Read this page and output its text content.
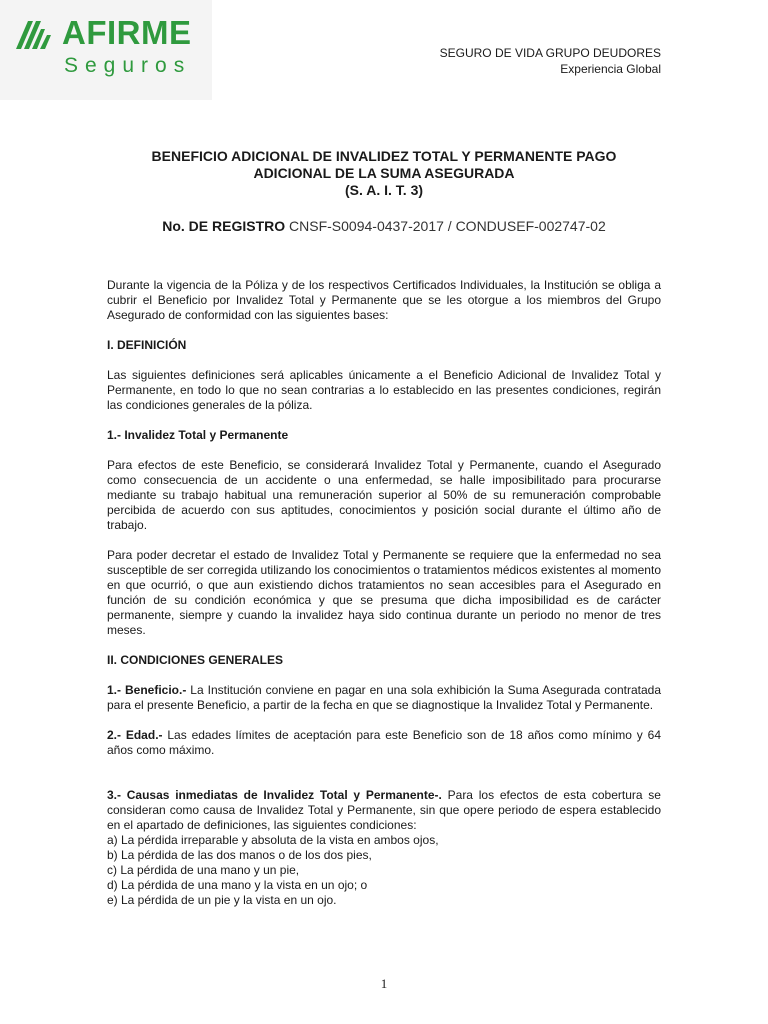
AFIRME
Seguros
SEGURO DE VIDA GRUPO DEUDORES
Experiencia Global
BENEFICIO ADICIONAL DE INVALIDEZ TOTAL Y PERMANENTE PAGO
ADICIONAL DE LA SUMA ASEGURADA
(S. A. I. T. 3)
No. DE REGISTRO CNSF-S0094-0437-2017 / CONDUSEF-002747-02

Durante la vigencia de la Póliza y de los respectivos Certificados Individuales, la Institución se obliga a cubrir el Beneficio por Invalidez Total y Permanente que se les otorgue a los miembros del Grupo Asegurado de conformidad con las siguientes bases:

I. DEFINICIÓN

Las siguientes definiciones será aplicables únicamente a el Beneficio Adicional de Invalidez Total y Permanente, en todo lo que no sean contrarias a lo establecido en las presentes condiciones, regirán las condiciones generales de la póliza.

1.- Invalidez Total y Permanente

Para efectos de este Beneficio, se considerará Invalidez Total y Permanente, cuando el Asegurado como consecuencia de un accidente o una enfermedad, se halle imposibilitado para procurarse mediante su trabajo habitual una remuneración superior al 50% de su remuneración comprobable percibida de acuerdo con sus aptitudes, conocimientos y posición social durante el último año de trabajo.

Para poder decretar el estado de Invalidez Total y Permanente se requiere que la enfermedad no sea susceptible de ser corregida utilizando los conocimientos o tratamientos médicos existentes al momento en que ocurrió, o que aun existiendo dichos tratamientos no sean accesibles para el Asegurado en función de su condición económica y que se presuma que dicha imposibilidad es de carácter permanente, siempre y cuando la invalidez haya sido continua durante un periodo no menor de tres meses.

II. CONDICIONES GENERALES

1.- Beneficio.- La Institución conviene en pagar en una sola exhibición la Suma Asegurada contratada para el presente Beneficio, a partir de la fecha en que se diagnostique la Invalidez Total y Permanente.

2.- Edad.- Las edades límites de aceptación para este Beneficio son de 18 años como mínimo y 64 años como máximo.

3.- Causas inmediatas de Invalidez Total y Permanente-. Para los efectos de esta cobertura se consideran como causa de Invalidez Total y Permanente, sin que opere periodo de espera establecido en el apartado de definiciones, las siguientes condiciones:

a) La pérdida irreparable y absoluta de la vista en ambos ojos,
b) La pérdida de las dos manos o de los dos pies,
c) La pérdida de una mano y un pie,
d) La pérdida de una mano y la vista en un ojo; o
e) La pérdida de un pie y la vista en un ojo.
1
